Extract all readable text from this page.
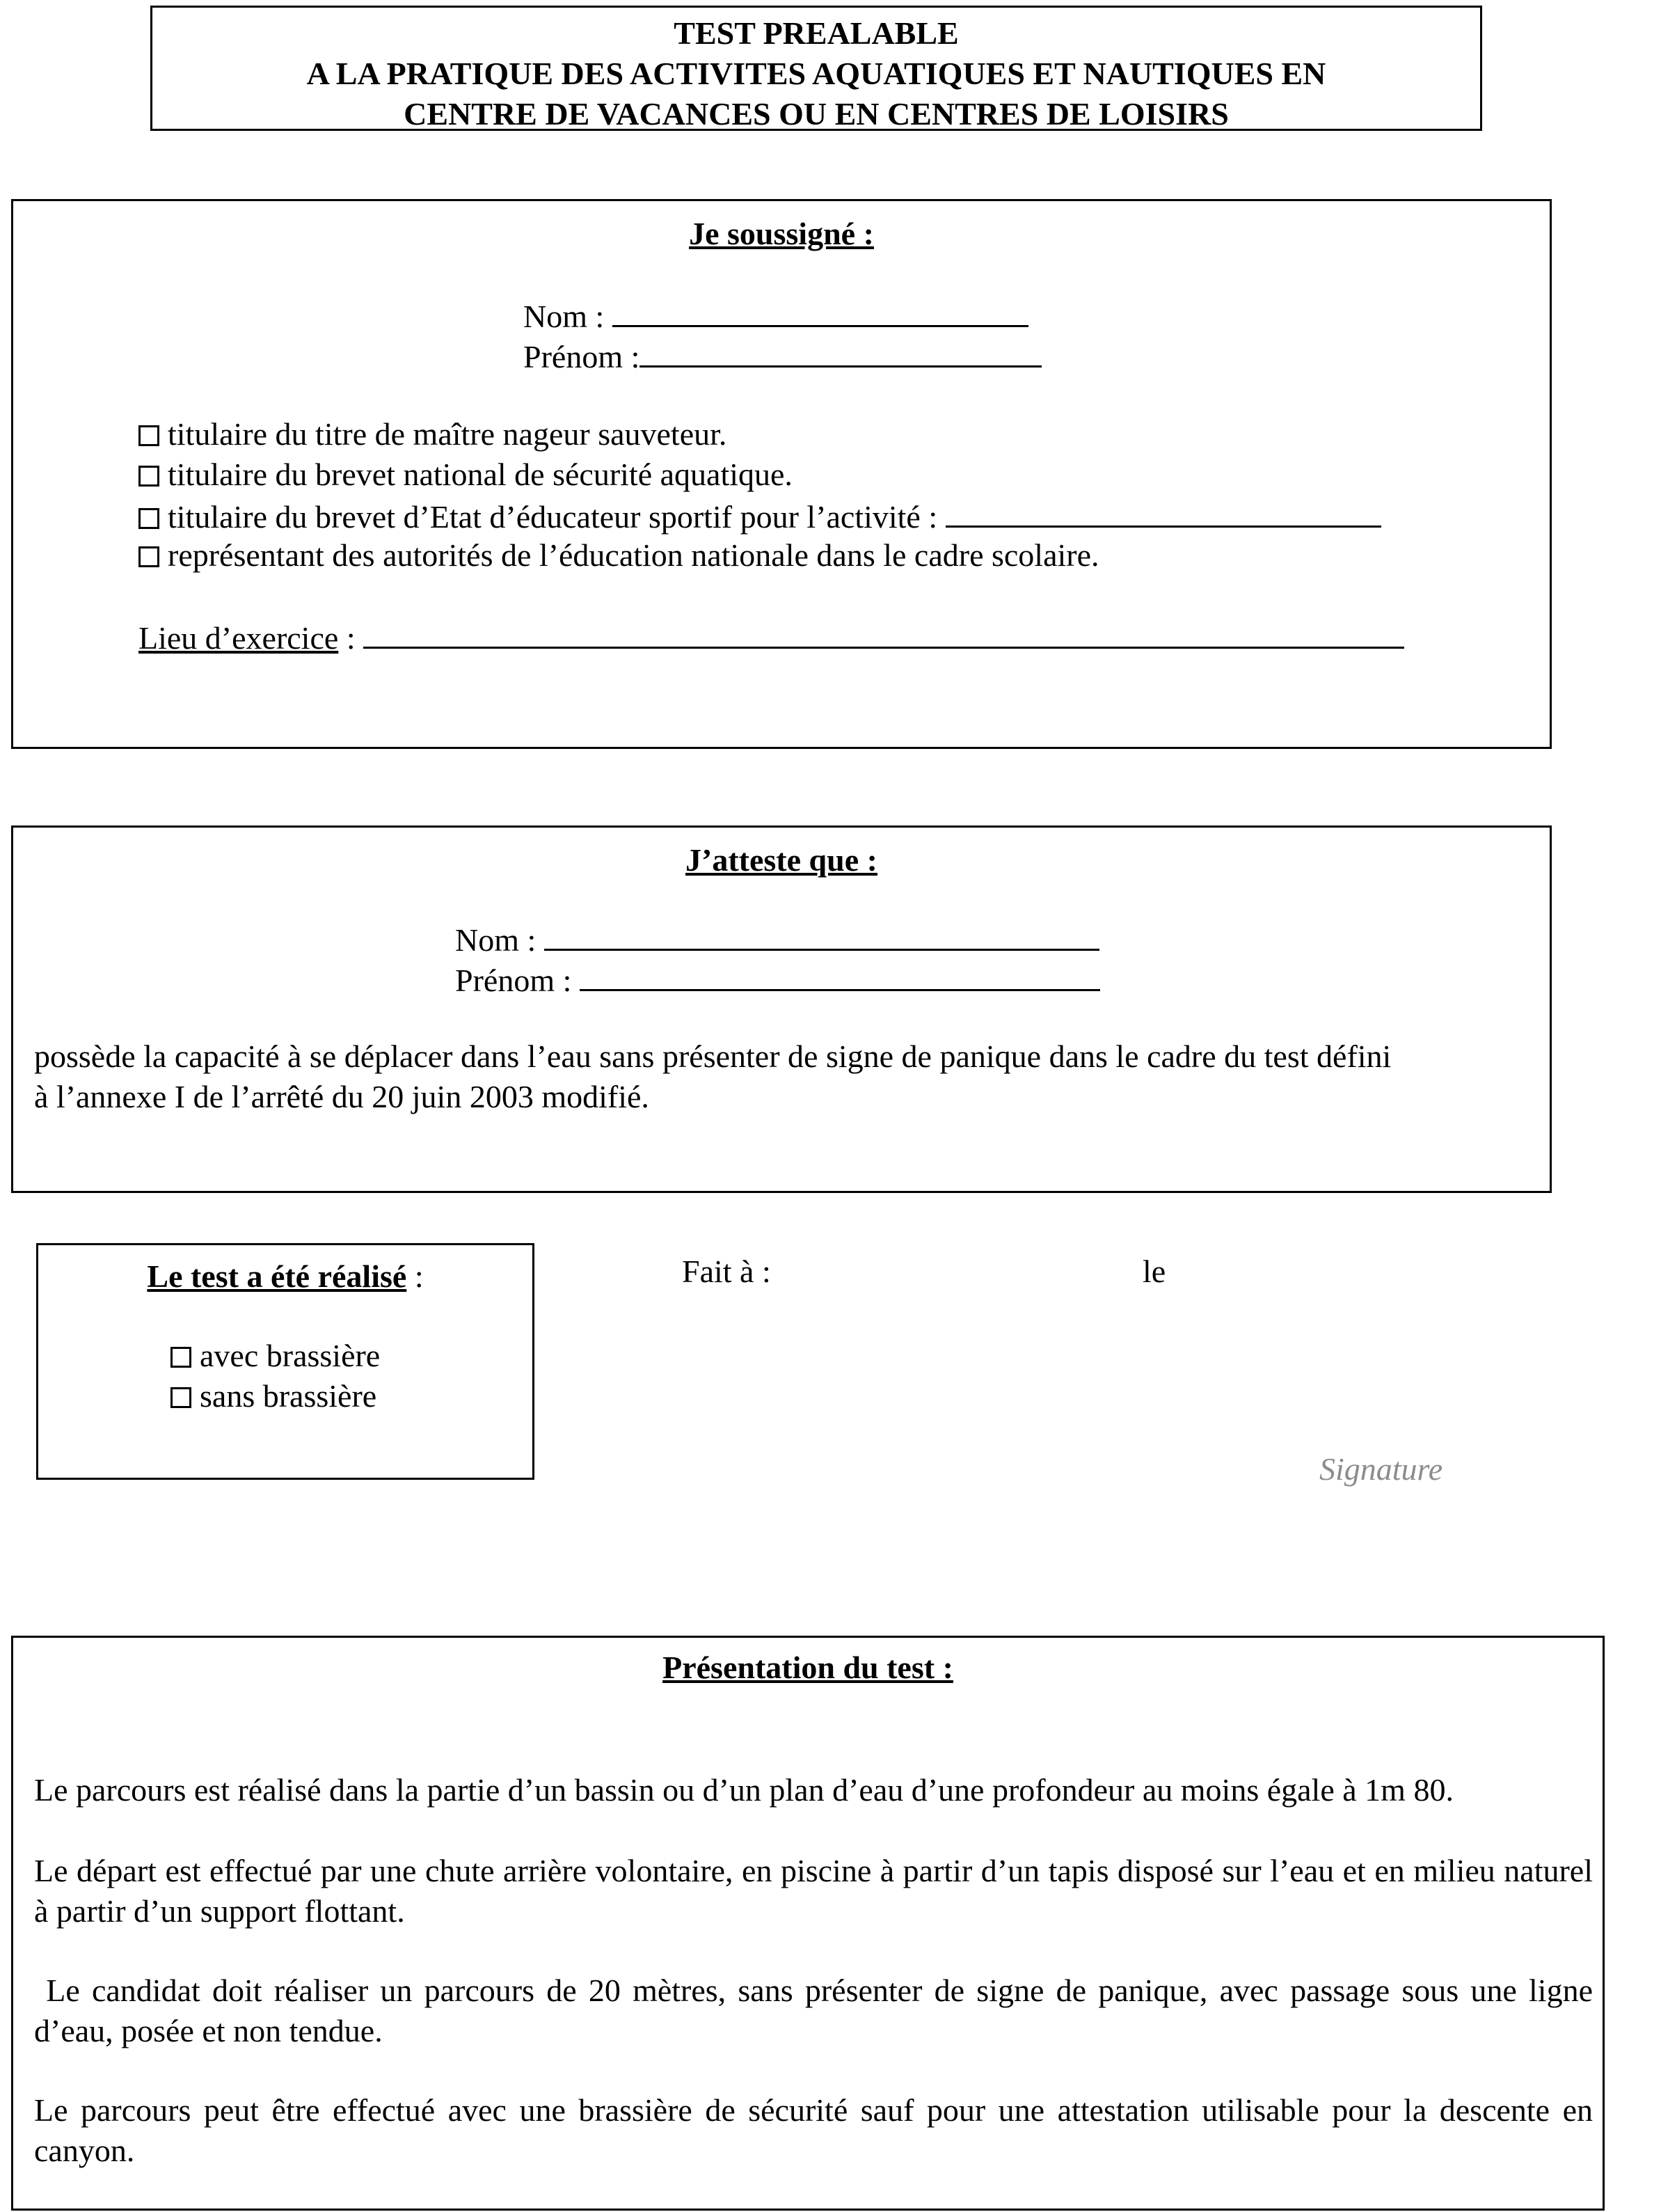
TEST PREALABLE
A LA PRATIQUE DES ACTIVITES AQUATIQUES ET NAUTIQUES EN
CENTRE DE VACANCES OU EN CENTRES DE LOISIRS
Je soussigné :
Nom :
Prénom :
titulaire du titre de maître nageur sauveteur.
titulaire du brevet national de sécurité aquatique.
titulaire du brevet d’Etat d’éducateur sportif pour l’activité :
représentant des autorités de l’éducation nationale dans le cadre scolaire.
Lieu d’exercice :
J’atteste que :
Nom :
Prénom :
possède la capacité à se déplacer dans l’eau sans présenter de signe de panique dans le cadre du test défini
à l’annexe I de l’arrêté du 20 juin 2003 modifié.
Le test a été réalisé :
avec brassière
sans brassière
Fait à :	le
Signature
Présentation du test :
Le parcours est réalisé dans la partie d’un bassin ou d’un plan d’eau d’une profondeur au moins égale à 1m 80.
Le départ est effectué par une chute arrière volontaire, en piscine à partir d’un tapis disposé sur l’eau et en milieu naturel à partir d’un support flottant.
Le candidat doit réaliser un parcours de 20 mètres, sans présenter de signe de panique, avec passage sous une ligne d’eau, posée et non tendue.
Le parcours peut être effectué avec une brassière de sécurité sauf pour une attestation utilisable pour la descente en canyon.
